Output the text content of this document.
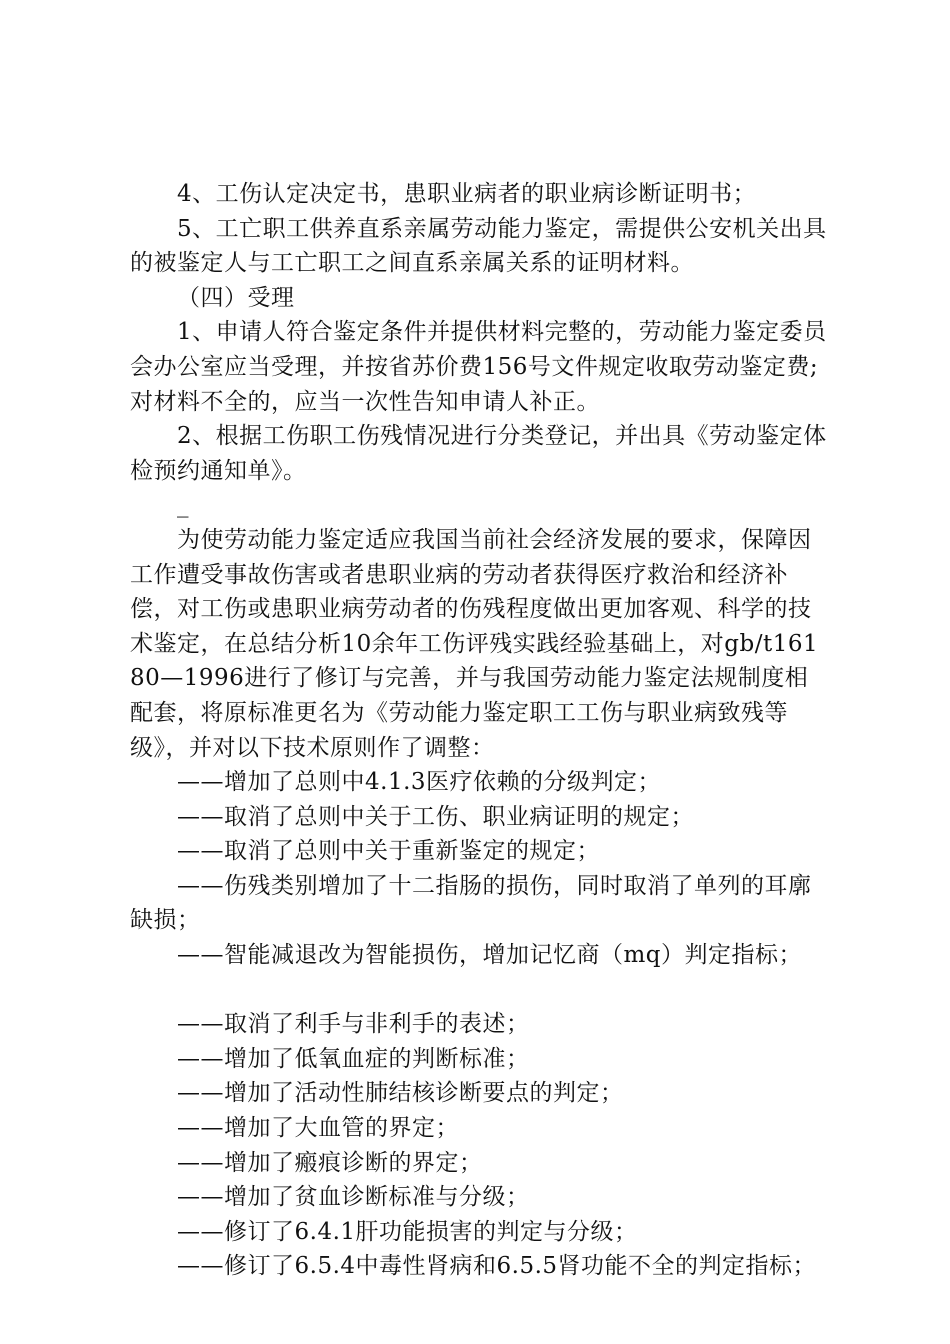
4、工伤认定决定书，患职业病者的职业病诊断证明书；

5、工亡职工供养直系亲属劳动能力鉴定，需提供公安机关出具的被鉴定人与工亡职工之间直系亲属关系的证明材料。

（四）受理

1、申请人符合鉴定条件并提供材料完整的，劳动能力鉴定委员会办公室应当受理，并按省苏价费156号文件规定收取劳动鉴定费;对材料不全的，应当一次性告知申请人补正。

2、根据工伤职工伤残情况进行分类登记，并出具《劳动鉴定体检预约通知单》。

_

为使劳动能力鉴定适应我国当前社会经济发展的要求，保障因工作遭受事故伤害或者患职业病的劳动者获得医疗救治和经济补偿，对工伤或患职业病劳动者的伤残程度做出更加客观、科学的技术鉴定，在总结分析10余年工伤评残实践经验基础上，对gb/t16180—1996进行了修订与完善，并与我国劳动能力鉴定法规制度相配套，将原标准更名为《劳动能力鉴定职工工伤与职业病致残等级》，并对以下技术原则作了调整：

——增加了总则中4.1.3医疗依赖的分级判定；

——取消了总则中关于工伤、职业病证明的规定；

——取消了总则中关于重新鉴定的规定；

——伤残类别增加了十二指肠的损伤，同时取消了单列的耳廓缺损；

——智能减退改为智能损伤，增加记忆商（mq）判定指标；

——取消了利手与非利手的表述；

——增加了低氧血症的判断标准；

——增加了活动性肺结核诊断要点的判定；

——增加了大血管的界定；

——增加了瘢痕诊断的界定；

——增加了贫血诊断标准与分级；

——修订了6.4.1肝功能损害的判定与分级；

——修订了6.5.4中毒性肾病和6.5.5肾功能不全的判定指标；
